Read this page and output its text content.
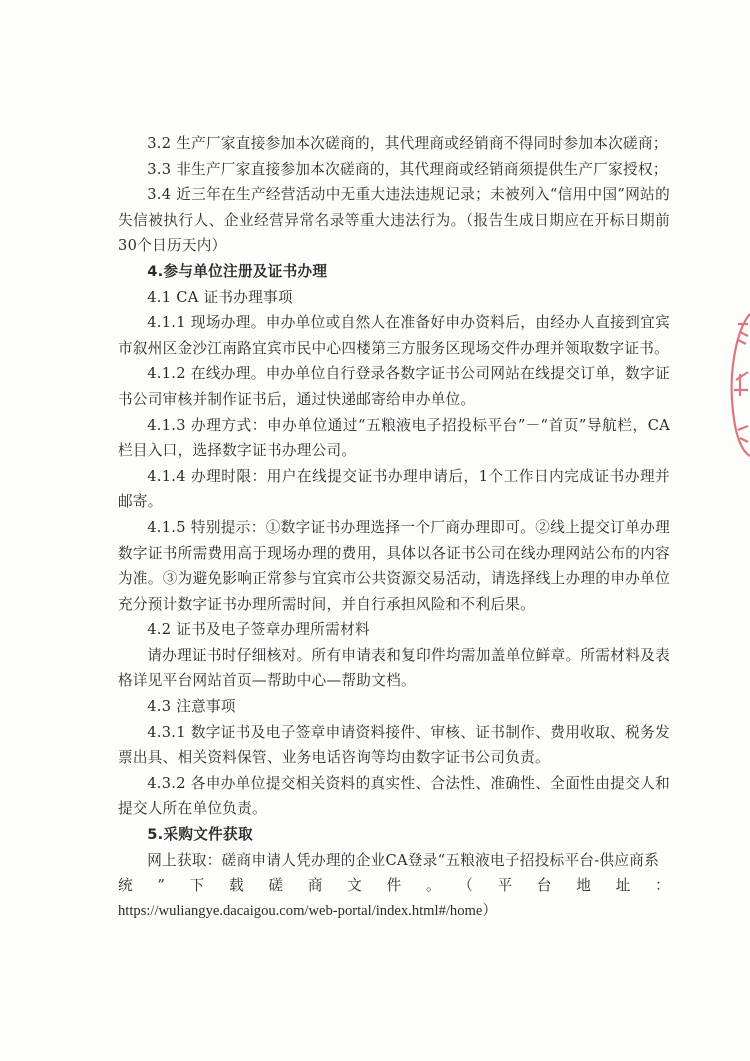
3.2 生产厂家直接参加本次磋商的，其代理商或经销商不得同时参加本次磋商；

3.3 非生产厂家直接参加本次磋商的，其代理商或经销商须提供生产厂家授权；

3.4 近三年在生产经营活动中无重大违法违规记录；未被列入“信用中国”网站的失信被执行人、企业经营异常名录等重大违法行为。（报告生成日期应在开标日期前30个日历天内）

4.参与单位注册及证书办理

4.1 CA 证书办理事项

4.1.1 现场办理。申办单位或自然人在准备好申办资料后，由经办人直接到宜宾市叙州区金沙江南路宜宾市民中心四楼第三方服务区现场交件办理并领取数字证书。

4.1.2 在线办理。申办单位自行登录各数字证书公司网站在线提交订单，数字证书公司审核并制作证书后，通过快递邮寄给申办单位。

4.1.3 办理方式：申办单位通过“五粮液电子招投标平台”－“首页”导航栏，CA栏目入口，选择数字证书办理公司。

4.1.4 办理时限：用户在线提交证书办理申请后，1个工作日内完成证书办理并邮寄。

4.1.5 特别提示：①数字证书办理选择一个厂商办理即可。②线上提交订单办理数字证书所需费用高于现场办理的费用，具体以各证书公司在线办理网站公布的内容为准。③为避免影响正常参与宜宾市公共资源交易活动，请选择线上办理的申办单位充分预计数字证书办理所需时间，并自行承担风险和不利后果。

4.2 证书及电子签章办理所需材料

请办理证书时仔细核对。所有申请表和复印件均需加盖单位鲜章。所需材料及表格详见平台网站首页—帮助中心—帮助文档。

4.3 注意事项

4.3.1 数字证书及电子签章申请资料接件、审核、证书制作、费用收取、税务发票出具、相关资料保管、业务电话咨询等均由数字证书公司负责。

4.3.2 各申办单位提交相关资料的真实性、合法性、准确性、全面性由提交人和提交人所在单位负责。

5.采购文件获取

网上获取：磋商申请人凭办理的企业CA登录“五粮液电子招投标平台-供应商系

统”下载磋商文件。（平台地址：

https://wuliangye.dacaigou.com/web-portal/index.html#/home）
